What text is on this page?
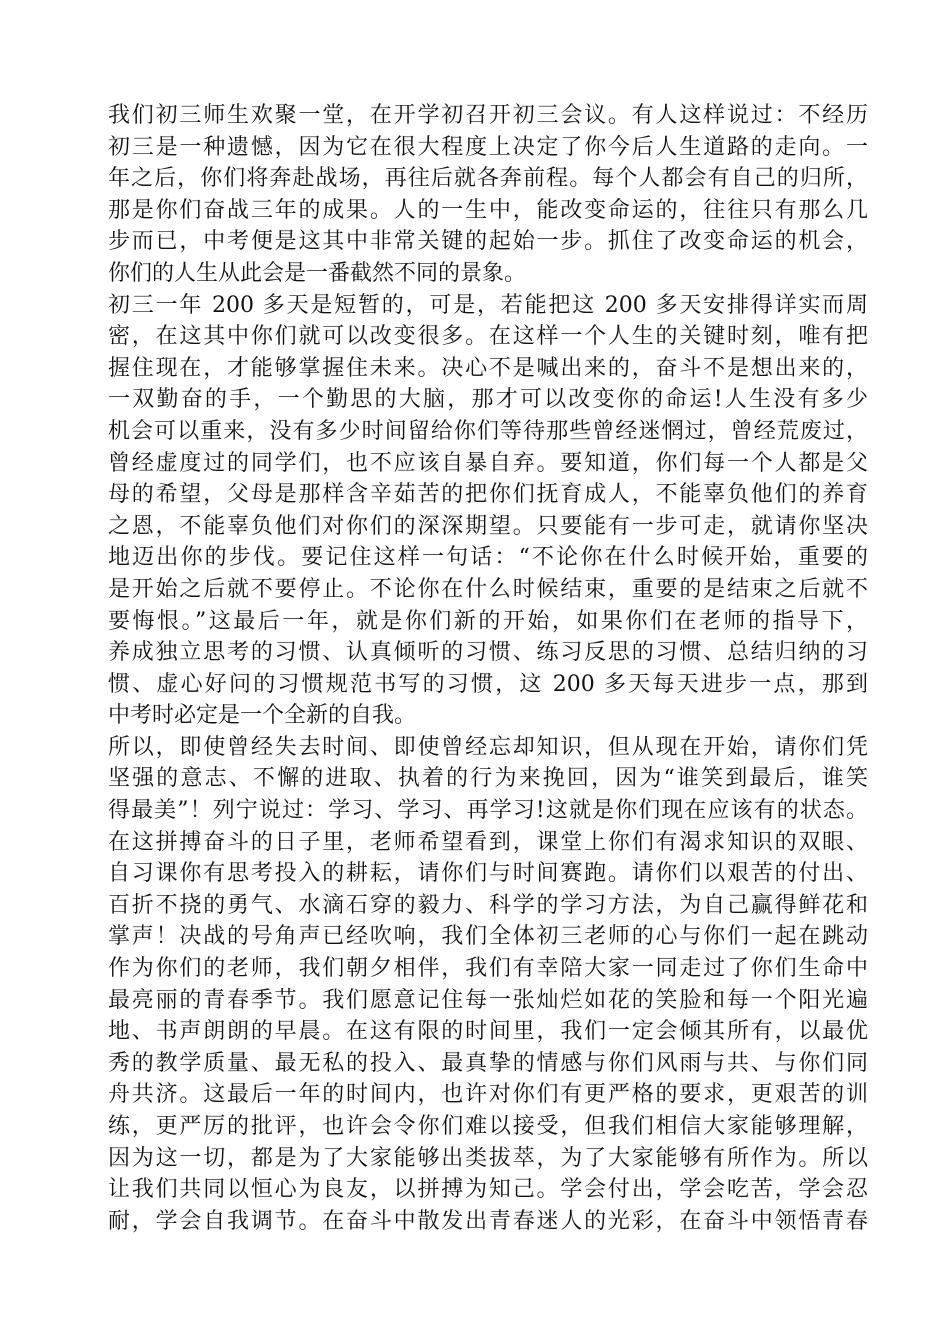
我们初三师生欢聚一堂，在开学初召开初三会议。有人这样说过：不经历
初三是一种遗憾，因为它在很大程度上决定了你今后人生道路的走向。一
年之后，你们将奔赴战场，再往后就各奔前程。每个人都会有自己的归所，
那是你们奋战三年的成果。人的一生中，能改变命运的，往往只有那么几
步而已，中考便是这其中非常关键的起始一步。抓住了改变命运的机会，
你们的人生从此会是一番截然不同的景象。
初三一年 200 多天是短暂的，可是，若能把这 200 多天安排得详实而周
密，在这其中你们就可以改变很多。在这样一个人生的关键时刻，唯有把
握住现在，才能够掌握住未来。决心不是喊出来的，奋斗不是想出来的，
一双勤奋的手，一个勤思的大脑，那才可以改变你的命运!人生没有多少
机会可以重来，没有多少时间留给你们等待那些曾经迷惘过，曾经荒废过，
曾经虚度过的同学们，也不应该自暴自弃。要知道，你们每一个人都是父
母的希望，父母是那样含辛茹苦的把你们抚育成人，不能辜负他们的养育
之恩，不能辜负他们对你们的深深期望。只要能有一步可走，就请你坚决
地迈出你的步伐。要记住这样一句话：“不论你在什么时候开始，重要的
是开始之后就不要停止。不论你在什么时候结束，重要的是结束之后就不
要悔恨。”这最后一年，就是你们新的开始，如果你们在老师的指导下，
养成独立思考的习惯、认真倾听的习惯、练习反思的习惯、总结归纳的习
惯、虚心好问的习惯规范书写的习惯，这 200 多天每天进步一点，那到
中考时必定是一个全新的自我。
所以，即使曾经失去时间、即使曾经忘却知识，但从现在开始，请你们凭
坚强的意志、不懈的进取、执着的行为来挽回，因为“谁笑到最后，谁笑
得最美”！列宁说过：学习、学习、再学习!这就是你们现在应该有的状态。
在这拼搏奋斗的日子里，老师希望看到，课堂上你们有渴求知识的双眼、
自习课你有思考投入的耕耘，请你们与时间赛跑。请你们以艰苦的付出、
百折不挠的勇气、水滴石穿的毅力、科学的学习方法，为自己赢得鲜花和
掌声！决战的号角声已经吹响，我们全体初三老师的心与你们一起在跳动
作为你们的老师，我们朝夕相伴，我们有幸陪大家一同走过了你们生命中
最亮丽的青春季节。我们愿意记住每一张灿烂如花的笑脸和每一个阳光遍
地、书声朗朗的早晨。在这有限的时间里，我们一定会倾其所有，以最优
秀的教学质量、最无私的投入、最真挚的情感与你们风雨与共、与你们同
舟共济。这最后一年的时间内，也许对你们有更严格的要求，更艰苦的训
练，更严厉的批评，也许会令你们难以接受，但我们相信大家能够理解，
因为这一切，都是为了大家能够出类拔萃，为了大家能够有所作为。所以
让我们共同以恒心为良友，以拼搏为知己。学会付出，学会吃苦，学会忍
耐，学会自我调节。在奋斗中散发出青春迷人的光彩，在奋斗中领悟青春
